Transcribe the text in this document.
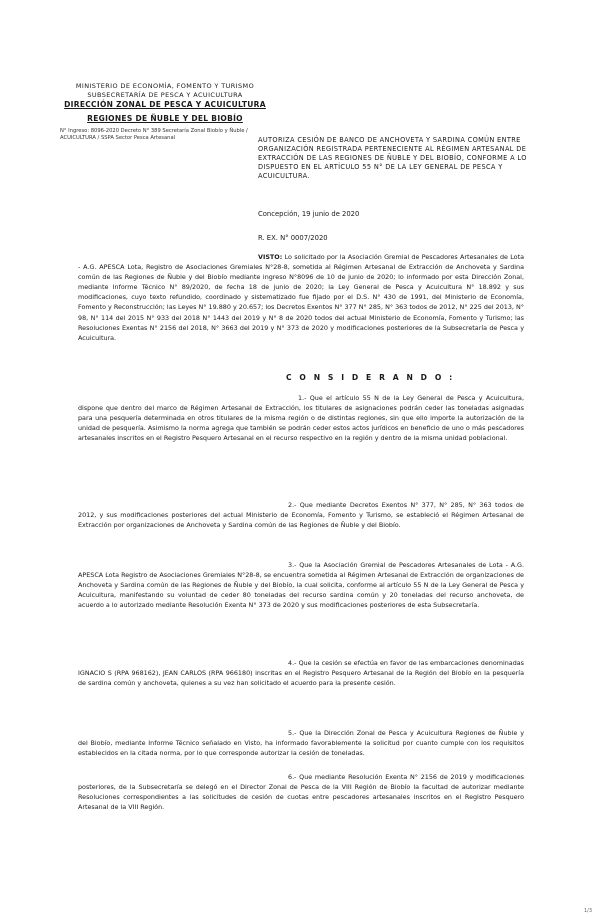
MINISTERIO DE ECONOMÍA, FOMENTO Y TURISMO
SUBSECRETARÍA DE PESCA Y ACUICULTURA
DIRECCIÓN ZONAL DE PESCA Y ACUICULTURA
REGIONES DE ÑUBLE Y DEL BIOBÍO
N° Ingreso: 8096-2020 Decreto N° 389 Secretaría Zonal Biobío y Ñuble / ACUICULTURA / SSPA Sector Pesca Artesanal	AUTORIZA CESIÓN DE BANCO DE ANCHOVETA Y SARDINA COMÚN ENTRE ORGANIZACIÓN REGISTRADA PERTENECIENTE AL RÉGIMEN ARTESANAL DE EXTRACCIÓN DE LAS REGIONES DE ÑUBLE Y DEL BIOBÍO, CONFORME A LO DISPUESTO EN EL ARTÍCULO 55 N° DE LA LEY GENERAL DE PESCA Y ACUICULTURA.
Concepción, 19 junio de 2020
R. EX. N° 0007/2020
VISTO: Lo solicitado por la Asociación Gremial de Pescadores Artesanales de Lota - A.G. APESCA Lota, Registro de Asociaciones Gremiales N°28-8, sometida al Régimen Artesanal de Extracción de Anchoveta y Sardina común de las Regiones de Ñuble y del Biobío mediante ingreso N°8096 de 10 de junio de 2020; lo informado por esta Dirección Zonal, mediante Informe Técnico N° 89/2020, de fecha 18 de junio de 2020; la Ley General de Pesca y Acuicultura N° 18.892 y sus modificaciones, cuyo texto refundido, coordinado y sistematizado fue fijado por el D.S. N° 430 de 1991, del Ministerio de Economía, Fomento y Reconstrucción; las Leyes N° 19.880 y 20.657; los Decretos Exentos N° 377 N° 285, N° 363 todos de 2012, N° 225 del 2013, N° 98, N° 114 del 2015 N° 933 del 2018 N° 1443 del 2019 y N° 8 de 2020 todos del actual Ministerio de Economía, Fomento y Turismo; las Resoluciones Exentas N° 2156 del 2018, N° 3663 del 2019 y N° 373 de 2020 y modificaciones posteriores de la Subsecretaría de Pesca y Acuicultura.
C O N S I D E R A N D O :
1.- Que el artículo 55 N de la Ley General de Pesca y Acuicultura, dispone que dentro del marco de Régimen Artesanal de Extracción, los titulares de asignaciones podrán ceder las toneladas asignadas para una pesquería determinada en otros titulares de la misma región o de distintas regiones, sin que ello importe la autorización de la unidad de pesquería. Asimismo la norma agrega que también se podrán ceder estos actos jurídicos en beneficio de uno o más pescadores artesanales inscritos en el Registro Pesquero Artesanal en el recurso respectivo en la región y dentro de la misma unidad poblacional.
2.- Que mediante Decretos Exentos N° 377, N° 285, N° 363 todos de 2012, y sus modificaciones posteriores del actual Ministerio de Economía, Fomento y Turismo, se estableció el Régimen Artesanal de Extracción por organizaciones de Anchoveta y Sardina común de las Regiones de Ñuble y del Biobío.
3.- Que la Asociación Gremial de Pescadores Artesanales de Lota - A.G. APESCA Lota Registro de Asociaciones Gremiales N°28-8, se encuentra sometida al Régimen Artesanal de Extracción de organizaciones de Anchoveta y Sardina común de las Regiones de Ñuble y del Biobío, la cual solicita, conforme al artículo 55 N de la Ley General de Pesca y Acuicultura, manifestando su voluntad de ceder 80 toneladas del recurso sardina común y 20 toneladas del recurso anchoveta, de acuerdo a lo autorizado mediante Resolución Exenta N° 373 de 2020 y sus modificaciones posteriores de esta Subsecretaría.
4.- Que la cesión se efectúa en favor de las embarcaciones denominadas IGNACIO S (RPA 968162), JEAN CARLOS (RPA 966180) inscritas en el Registro Pesquero Artesanal de la Región del Biobío en la pesquería de sardina común y anchoveta, quienes a su vez han solicitado el acuerdo para la presente cesión.
5.- Que la Dirección Zonal de Pesca y Acuicultura Regiones de Ñuble y del Biobío, mediante Informe Técnico señalado en Visto, ha informado favorablemente la solicitud por cuanto cumple con los requisitos establecidos en la citada norma, por lo que corresponde autorizar la cesión de toneladas.
6.- Que mediante Resolución Exenta N° 2156 de 2019 y modificaciones posteriores, de la Subsecretaría se delegó en el Director Zonal de Pesca de la VIII Región de Biobío la facultad de autorizar mediante Resoluciones correspondientes a las solicitudes de cesión de cuotas entre pescadores artesanales inscritos en el Registro Pesquero Artesanal de la VIII Región.
1/3
